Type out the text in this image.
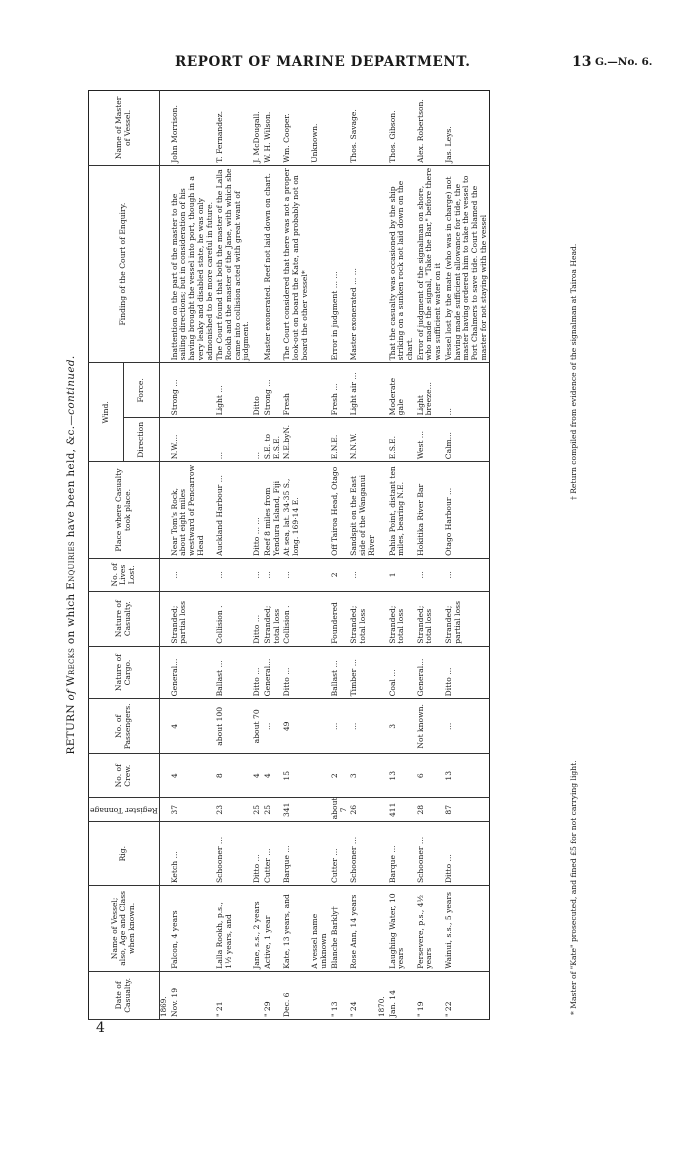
REPORT OF MARINE DEPARTMENT.	13 G.—No. 6.
4
RETURN of Wrecks on which Enquiries have been held, &c.—continued.
Date of Casualty.	Name of Vessel; also, Age and Class when known.	Rig.	Register Tonnage	No. of Crew.	No. of Passengers.	Nature of Cargo.	Nature of Casualty.	No. of Lives Lost.	Place where Casualty took place.	Wind.		Finding of the Court of Enquiry.	Name of Master of Vessel.
										Direction	Force.		
1869.													
Nov. 19	Falcon, 4 years	Ketch ...	37	4	4	General...	Stranded; partial loss	...	Near Tom's Rock, about eight miles westward of Pencarrow Head	N.W....	Strong ...	Inattention on the part of the master to the sailing directions; but in consideration of his having brought the vessel into port, though in a very leaky and disabled state, he was only admonished to be more careful in future.	John Morrison.
" 21	Lalla Rookh, p.s., 1½ years, and	Schooner ...	23	8	about 100	Ballast ...	Collision .	...	Auckland Harbour ...	...	Light ...	The Court found that both the master of the Lalla Rookh and the master of the Jane, with which she came into collision acted with great want of judgment.	T. Fernandez.
	Jane, s.s., 2 years	Ditto ...	25	4	about 70	Ditto ...	Ditto ...	...	Ditto ... ...	...	Ditto		J. McDougall.
" 29	Active, 1 year	Cutter ...	25	4	...	General...	Stranded; total loss	...	Reef 8 miles from Yendura Island, Fiji	S.E. to E.S.E.	Strong ...	Master exonerated. Reef not laid down on chart.	W. H. Wilson.
Dec. 6	Kate, 13 years, and	Barque ...	341	15	49	Ditto ...	Collision .	...	At sea, lat. 34·35 S., long. 169·14 E.	N.E.byN.	Fresh	The Court considered that there was not a proper look-out on board the Kate, and probably not on board the other vessel*	Wm. Cooper.
	A vessel name unknown												Unknown.
" 13	Blanche Barkly†	Cutter ...	about 7	2	...	Ballast ...	Foundered	2	Off Tairoa Head, Otago	E.N.E.	Fresh ...	Error in judgment ... ...	
" 24	Rose Ann, 14 years	Schooner ...	26	3	...	Timber ...	Stranded; total loss	...	Sandspit on the East side of the Wanganui River	N.N.W.	Light air ...	Master exonerated ... ...	Thos. Savage.
1870.													
Jan. 14	Laughing Water, 10 years	Barque ...	411	13	3	Coal ...	Stranded; total loss	1	Pahia Point, distant ten miles, bearing N.E.	E.S.E.	Moderate gale	That the casualty was occasioned by the ship striking on a sunken rock not laid down on the chart.	Thos. Gibson.
" 19	Persevere, p.s., 4½ years	Schooner ...	28	6	Not known.	General...	Stranded; total loss	...	Hokitika River Bar	West ...	Light breeze...	Error of judgment of the signalman on shore, who made the signal, "Take the Bar," before there was sufficient water on it	Alex. Robertson.
" 22	Wainui, s.s., 5 years	Ditto ...	87	13	...	Ditto ...	Stranded; partial loss	...	Otago Harbour ...	Calm...	...	Vessel lost by the mate (who was in charge) not having made sufficient allowance for tide, the master having ordered him to take the vessel to Port Chalmers to save tide. Court blamed the master for not staying with the vessel	Jas. Leys.
* Master of "Kate" prosecuted, and fined £5 for not carrying light.
† Return compiled from evidence of the signalman at Tairoa Head.
